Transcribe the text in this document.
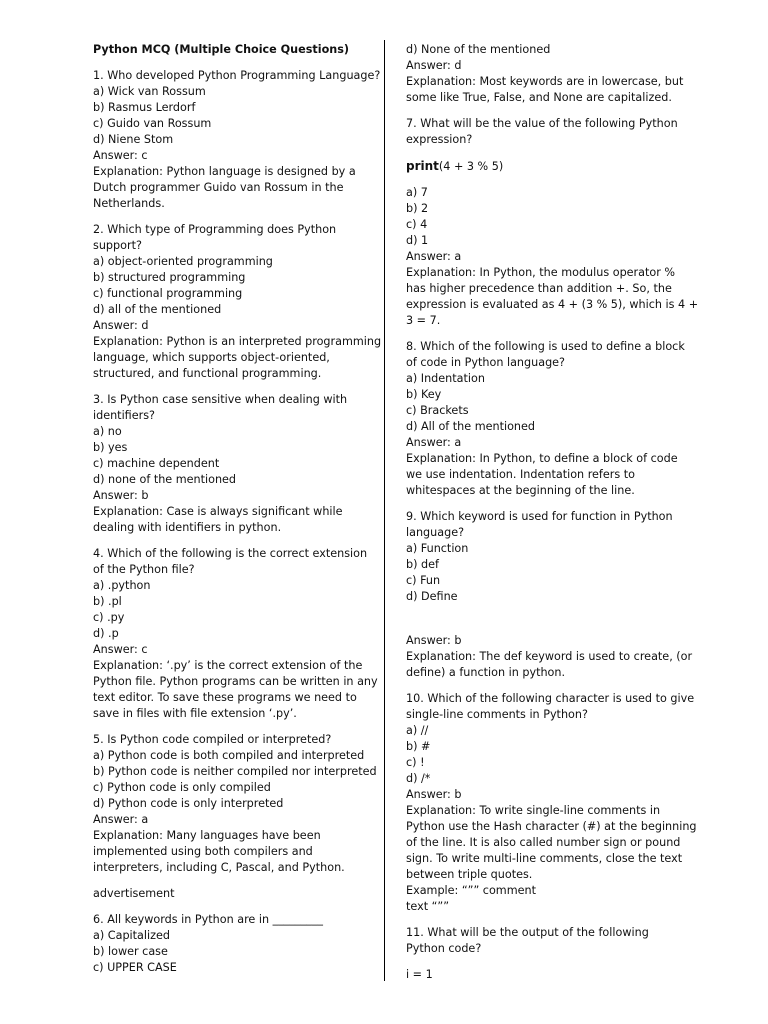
Python MCQ (Multiple Choice Questions)
1. Who developed Python Programming Language?
a) Wick van Rossum
b) Rasmus Lerdorf
c) Guido van Rossum
d) Niene Stom
Answer: c
Explanation: Python language is designed by a
Dutch programmer Guido van Rossum in the
Netherlands.
2. Which type of Programming does Python
support?
a) object-oriented programming
b) structured programming
c) functional programming
d) all of the mentioned
Answer: d
Explanation: Python is an interpreted programming
language, which supports object-oriented,
structured, and functional programming.
3. Is Python case sensitive when dealing with
identifiers?
a) no
b) yes
c) machine dependent
d) none of the mentioned
Answer: b
Explanation: Case is always significant while
dealing with identifiers in python.
4. Which of the following is the correct extension
of the Python file?
a) .python
b) .pl
c) .py
d) .p
Answer: c
Explanation: ‘.py’ is the correct extension of the
Python file. Python programs can be written in any
text editor. To save these programs we need to
save in files with file extension ‘.py’.
5. Is Python code compiled or interpreted?
a) Python code is both compiled and interpreted
b) Python code is neither compiled nor interpreted
c) Python code is only compiled
d) Python code is only interpreted
Answer: a
Explanation: Many languages have been
implemented using both compilers and
interpreters, including C, Pascal, and Python.
advertisement
6. All keywords in Python are in _________
a) Capitalized
b) lower case
c) UPPER CASE
d) None of the mentioned
Answer: d
Explanation: Most keywords are in lowercase, but
some like True, False, and None are capitalized.
7. What will be the value of the following Python
expression?
print(4 + 3 % 5)
a) 7
b) 2
c) 4
d) 1
Answer: a
Explanation: In Python, the modulus operator %
has higher precedence than addition +. So, the
expression is evaluated as 4 + (3 % 5), which is 4 +
3 = 7.
8. Which of the following is used to define a block
of code in Python language?
a) Indentation
b) Key
c) Brackets
d) All of the mentioned
Answer: a
Explanation: In Python, to define a block of code
we use indentation. Indentation refers to
whitespaces at the beginning of the line.
9. Which keyword is used for function in Python
language?
a) Function
b) def
c) Fun
d) Define
Answer: b
Explanation: The def keyword is used to create, (or
define) a function in python.
10. Which of the following character is used to give
single-line comments in Python?
a) //
b) #
c) !
d) /*
Answer: b
Explanation: To write single-line comments in
Python use the Hash character (#) at the beginning
of the line. It is also called number sign or pound
sign. To write multi-line comments, close the text
between triple quotes.
Example: “”” comment
text “””
11. What will be the output of the following
Python code?
i = 1
